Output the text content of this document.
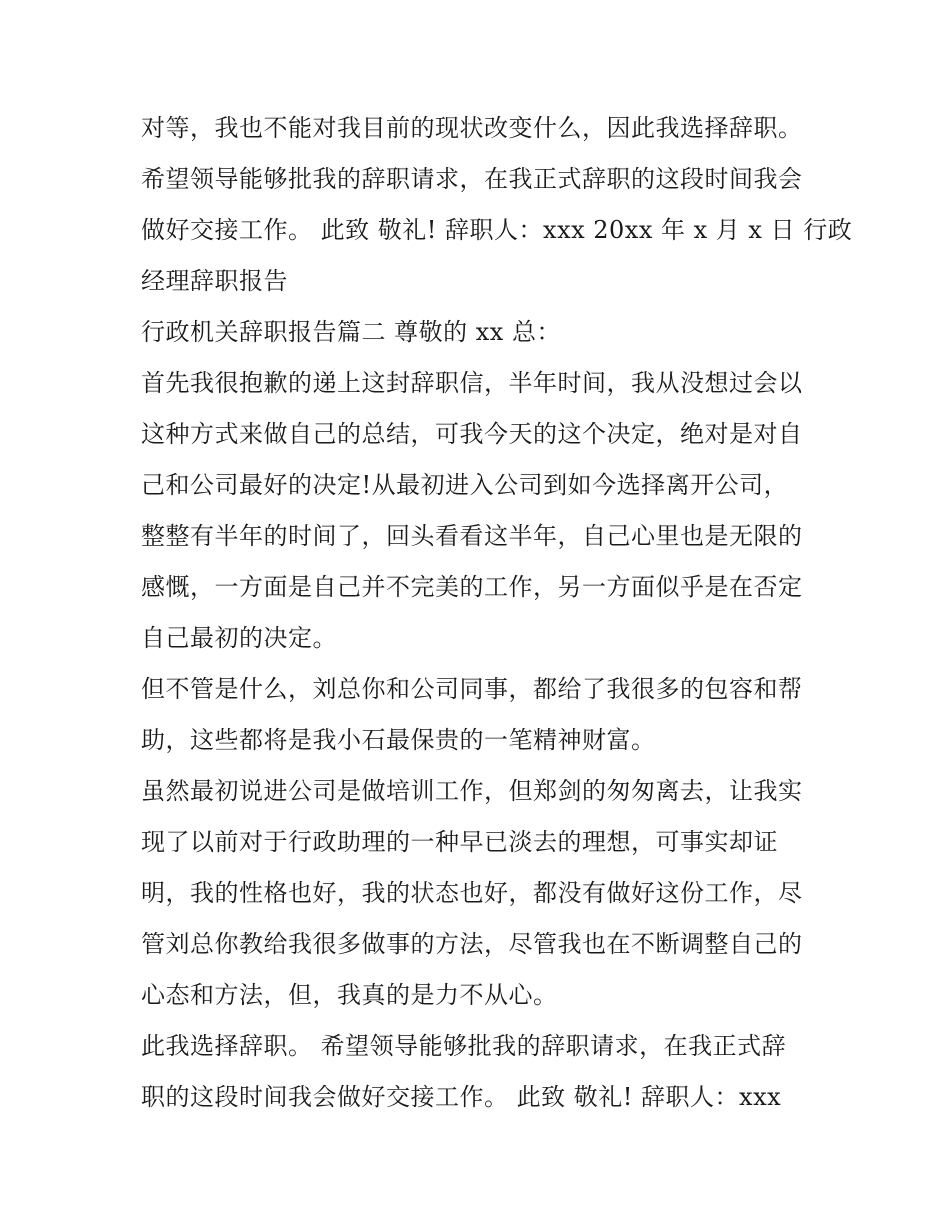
对等，我也不能对我目前的现状改变什么，因此我选择辞职。
希望领导能够批我的辞职请求，在我正式辞职的这段时间我会
做好交接工作。 此致 敬礼! 辞职人：xxx 20xx 年 x 月 x 日 行政
经理辞职报告
行政机关辞职报告篇二 尊敬的 xx 总：
首先我很抱歉的递上这封辞职信，半年时间，我从没想过会以
这种方式来做自己的总结，可我今天的这个决定，绝对是对自
己和公司最好的决定!从最初进入公司到如今选择离开公司，
整整有半年的时间了，回头看看这半年，自己心里也是无限的
感慨，一方面是自己并不完美的工作，另一方面似乎是在否定
自己最初的决定。
但不管是什么，刘总你和公司同事，都给了我很多的包容和帮
助，这些都将是我小石最保贵的一笔精神财富。
虽然最初说进公司是做培训工作，但郑剑的匆匆离去，让我实
现了以前对于行政助理的一种早已淡去的理想，可事实却证
明，我的性格也好，我的状态也好，都没有做好这份工作，尽
管刘总你教给我很多做事的方法，尽管我也在不断调整自己的
心态和方法，但，我真的是力不从心。
此我选择辞职。 希望领导能够批我的辞职请求，在我正式辞
职的这段时间我会做好交接工作。 此致 敬礼! 辞职人：xxx
